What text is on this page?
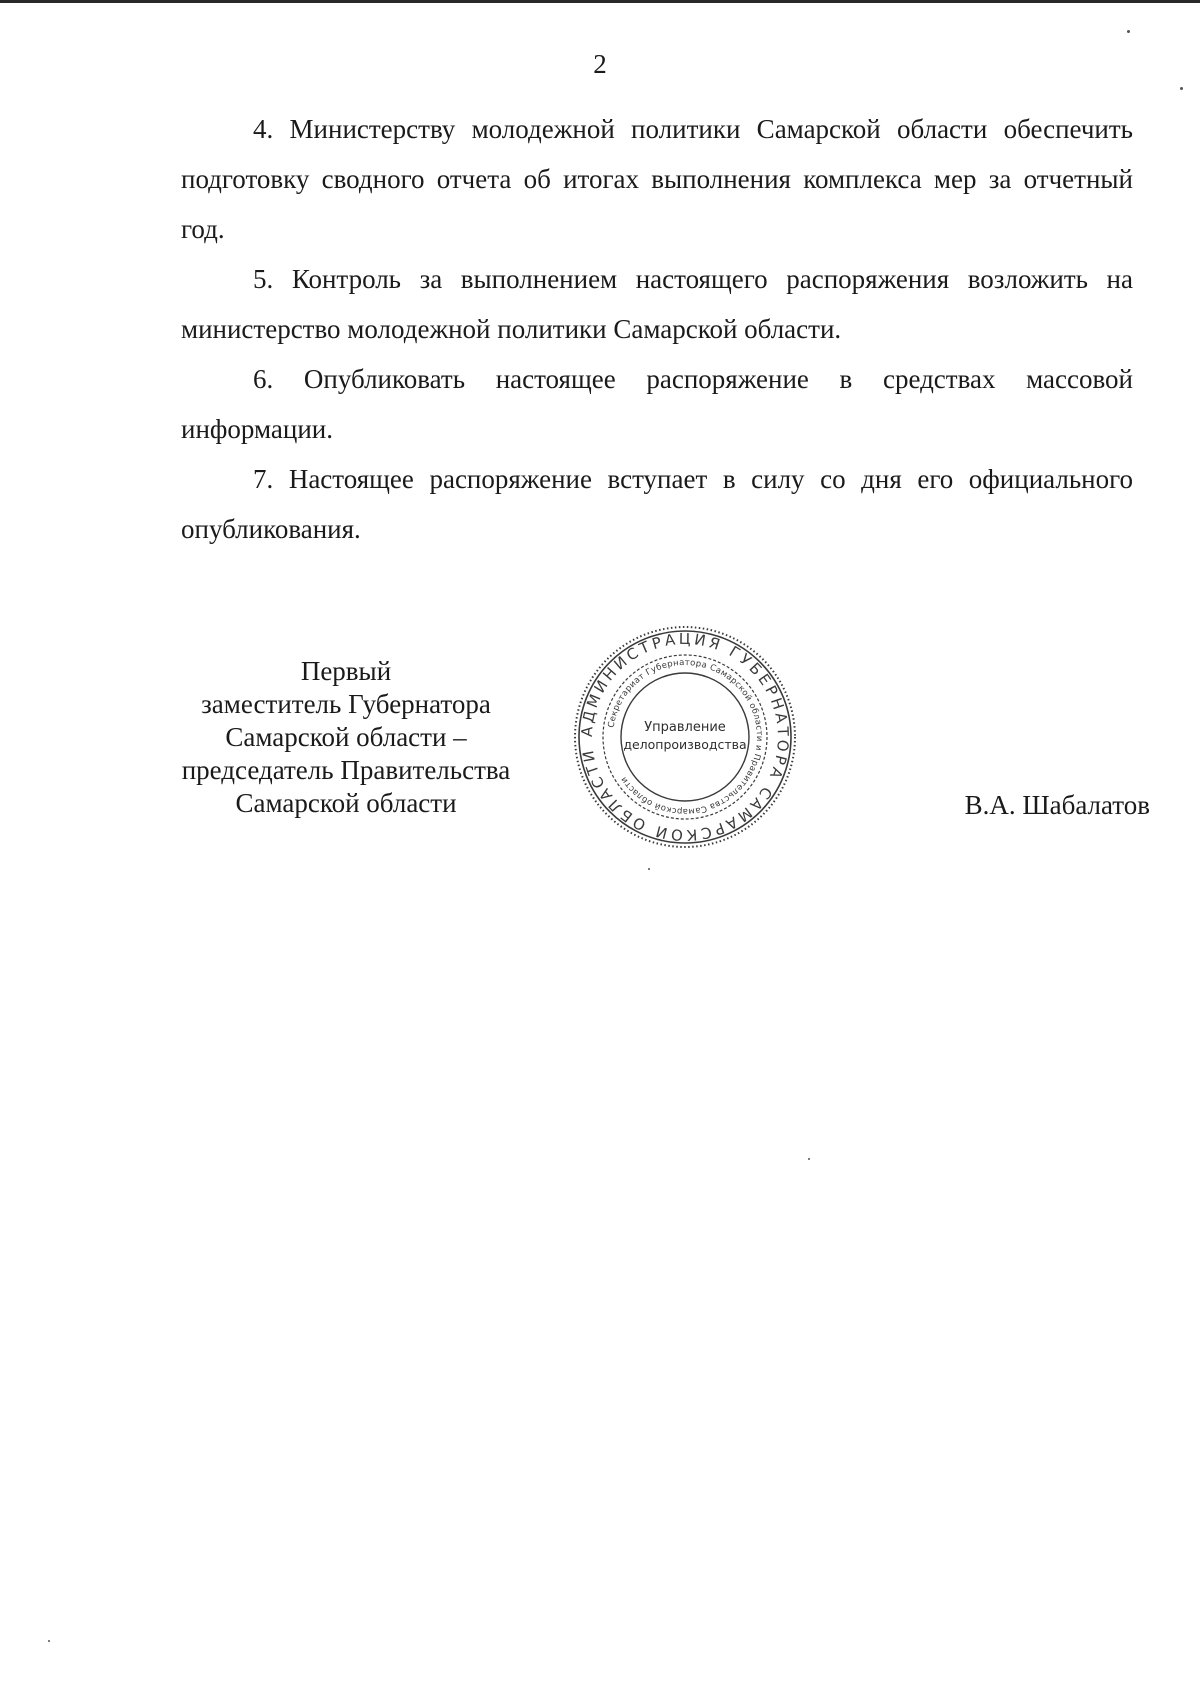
2

4. Министерству молодежной политики Самарской области обеспечить подготовку сводного отчета об итогах выполнения комплекса мер за отчетный год.

5. Контроль за выполнением настоящего распоряжения возложить на министерство молодежной политики Самарской области.

6. Опубликовать настоящее распоряжение в средствах массовой информации.

7. Настоящее распоряжение вступает в силу со дня его официального опубликования.

Первый
заместитель Губернатора
Самарской области –
председатель Правительства
Самарской области
АДМИНИСТРАЦИЯ ГУБЕРНАТОРА САМАРСКОЙ ОБЛАСТИ
Секретариат Губернатора Самарской области и Правительства Самарской области
Управление
делопроизводства
В.А. Шабалатов
